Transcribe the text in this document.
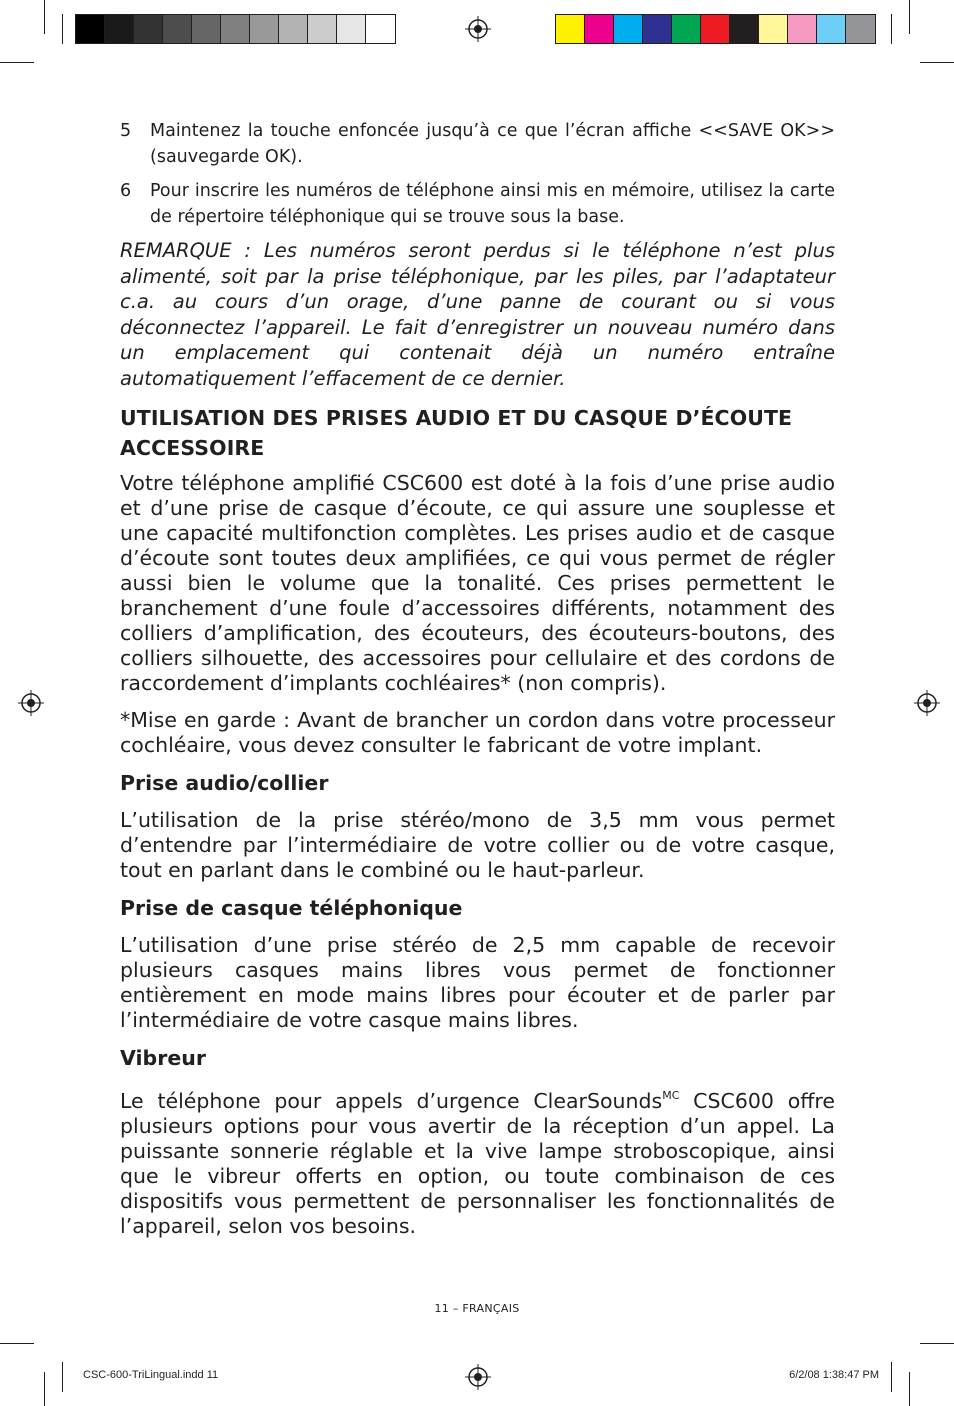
5	Maintenez la touche enfoncée jusqu’à ce que l’écran affiche <<SAVE OK>> (sauvegarde OK).
6	Pour inscrire les numéros de téléphone ainsi mis en mémoire, utilisez la carte de répertoire téléphonique qui se trouve sous la base.

REMARQUE : Les numéros seront perdus si le téléphone n’est plus alimenté, soit par la prise téléphonique, par les piles, par l’adaptateur c.a. au cours d’un orage, d’une panne de courant ou si vous déconnectez l’appareil. Le fait d’enregistrer un nouveau numéro dans un emplacement qui contenait déjà un numéro entraîne automatiquement l’effacement de ce dernier.

UTILISATION DES PRISES AUDIO ET DU CASQUE D’ÉCOUTE ACCESSOIRE

Votre téléphone amplifié CSC600 est doté à la fois d’une prise audio et d’une prise de casque d’écoute, ce qui assure une souplesse et une capacité multifonction complètes. Les prises audio et de casque d’écoute sont toutes deux amplifiées, ce qui vous permet de régler aussi bien le volume que la tonalité. Ces prises permettent le branchement d’une foule d’accessoires différents, notamment des colliers d’amplification, des écouteurs, des écouteurs-boutons, des colliers silhouette, des accessoires pour cellulaire et des cordons de raccordement d’implants cochléaires* (non compris).

*Mise en garde : Avant de brancher un cordon dans votre processeur cochléaire, vous devez consulter le fabricant de votre implant.

Prise audio/collier

L’utilisation de la prise stéréo/mono de 3,5 mm vous permet d’entendre par l’intermédiaire de votre collier ou de votre casque, tout en parlant dans le combiné ou le haut-parleur.

Prise de casque téléphonique

L’utilisation d’une prise stéréo de 2,5 mm capable de recevoir plusieurs casques mains libres vous permet de fonctionner entièrement en mode mains libres pour écouter et de parler par l’intermédiaire de votre casque mains libres.

Vibreur

Le téléphone pour appels d’urgence ClearSounds$^{MC}$ CSC600 offre plusieurs options pour vous avertir de la réception d’un appel. La puissante sonnerie réglable et la vive lampe stroboscopique, ainsi que le vibreur offerts en option, ou toute combinaison de ces dispositifs vous permettent de personnaliser les fonctionnalités de l’appareil, selon vos besoins.

11 – FRANÇAIS
CSC-600-TriLingual.indd 11	6/2/08 1:38:47 PM
